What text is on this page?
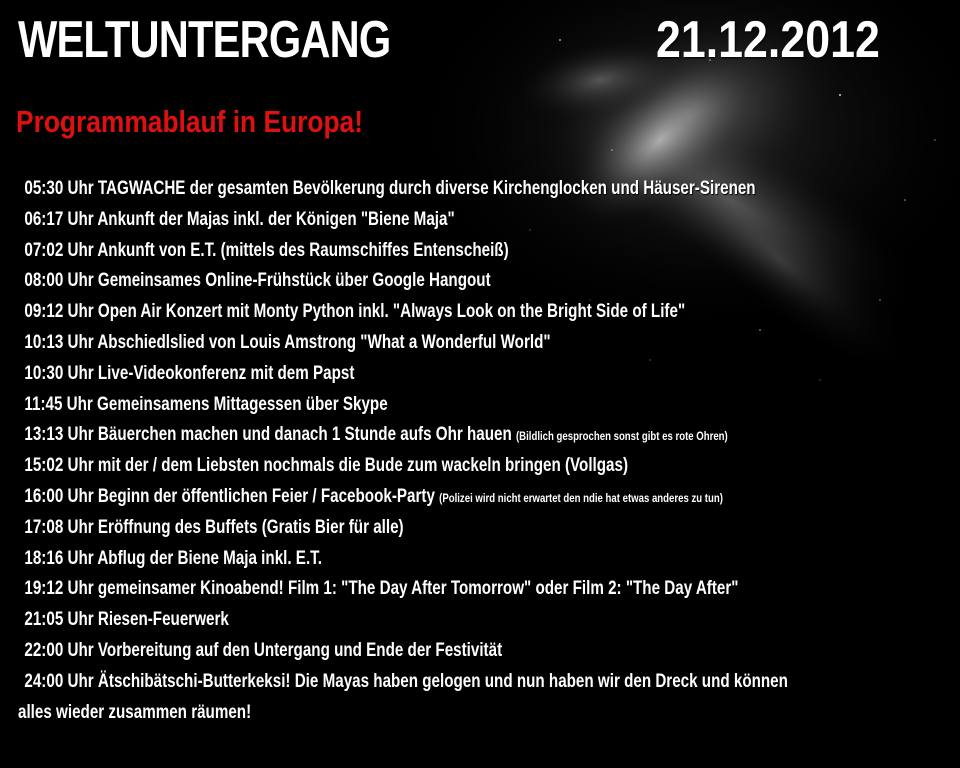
WELTUNTERGANG	21.12.2012
Programmablauf in Europa!
05:30 Uhr TAGWACHE der gesamten Bevölkerung durch diverse Kirchenglocken und Häuser-Sirenen
06:17 Uhr Ankunft der Majas inkl. der Königen "Biene Maja"
07:02 Uhr Ankunft von E.T. (mittels des Raumschiffes Entenscheiß)
08:00 Uhr Gemeinsames Online-Frühstück über Google Hangout
09:12 Uhr Open Air Konzert mit Monty Python inkl. "Always Look on the Bright Side of Life"
10:13 Uhr Abschiedlslied von Louis Amstrong "What a Wonderful World"
10:30 Uhr Live-Videokonferenz mit dem Papst
11:45 Uhr Gemeinsamens Mittagessen über Skype
13:13 Uhr Bäuerchen machen und danach 1 Stunde aufs Ohr hauen (Bildlich gesprochen sonst gibt es rote Ohren)
15:02 Uhr mit der / dem Liebsten nochmals die Bude zum wackeln bringen (Vollgas)
16:00 Uhr Beginn der öffentlichen Feier / Facebook-Party (Polizei wird nicht erwartet den ndie hat etwas anderes zu tun)
17:08 Uhr Eröffnung des Buffets (Gratis Bier für alle)
18:16 Uhr Abflug der Biene Maja inkl. E.T.
19:12 Uhr gemeinsamer Kinoabend! Film 1: "The Day After Tomorrow" oder Film 2: "The Day After"
21:05 Uhr Riesen-Feuerwerk
22:00 Uhr Vorbereitung auf den Untergang und Ende der Festivität
24:00 Uhr Ätschibätschi-Butterkeksi! Die Mayas haben gelogen und nun haben wir den Dreck und können
alles wieder zusammen räumen!
